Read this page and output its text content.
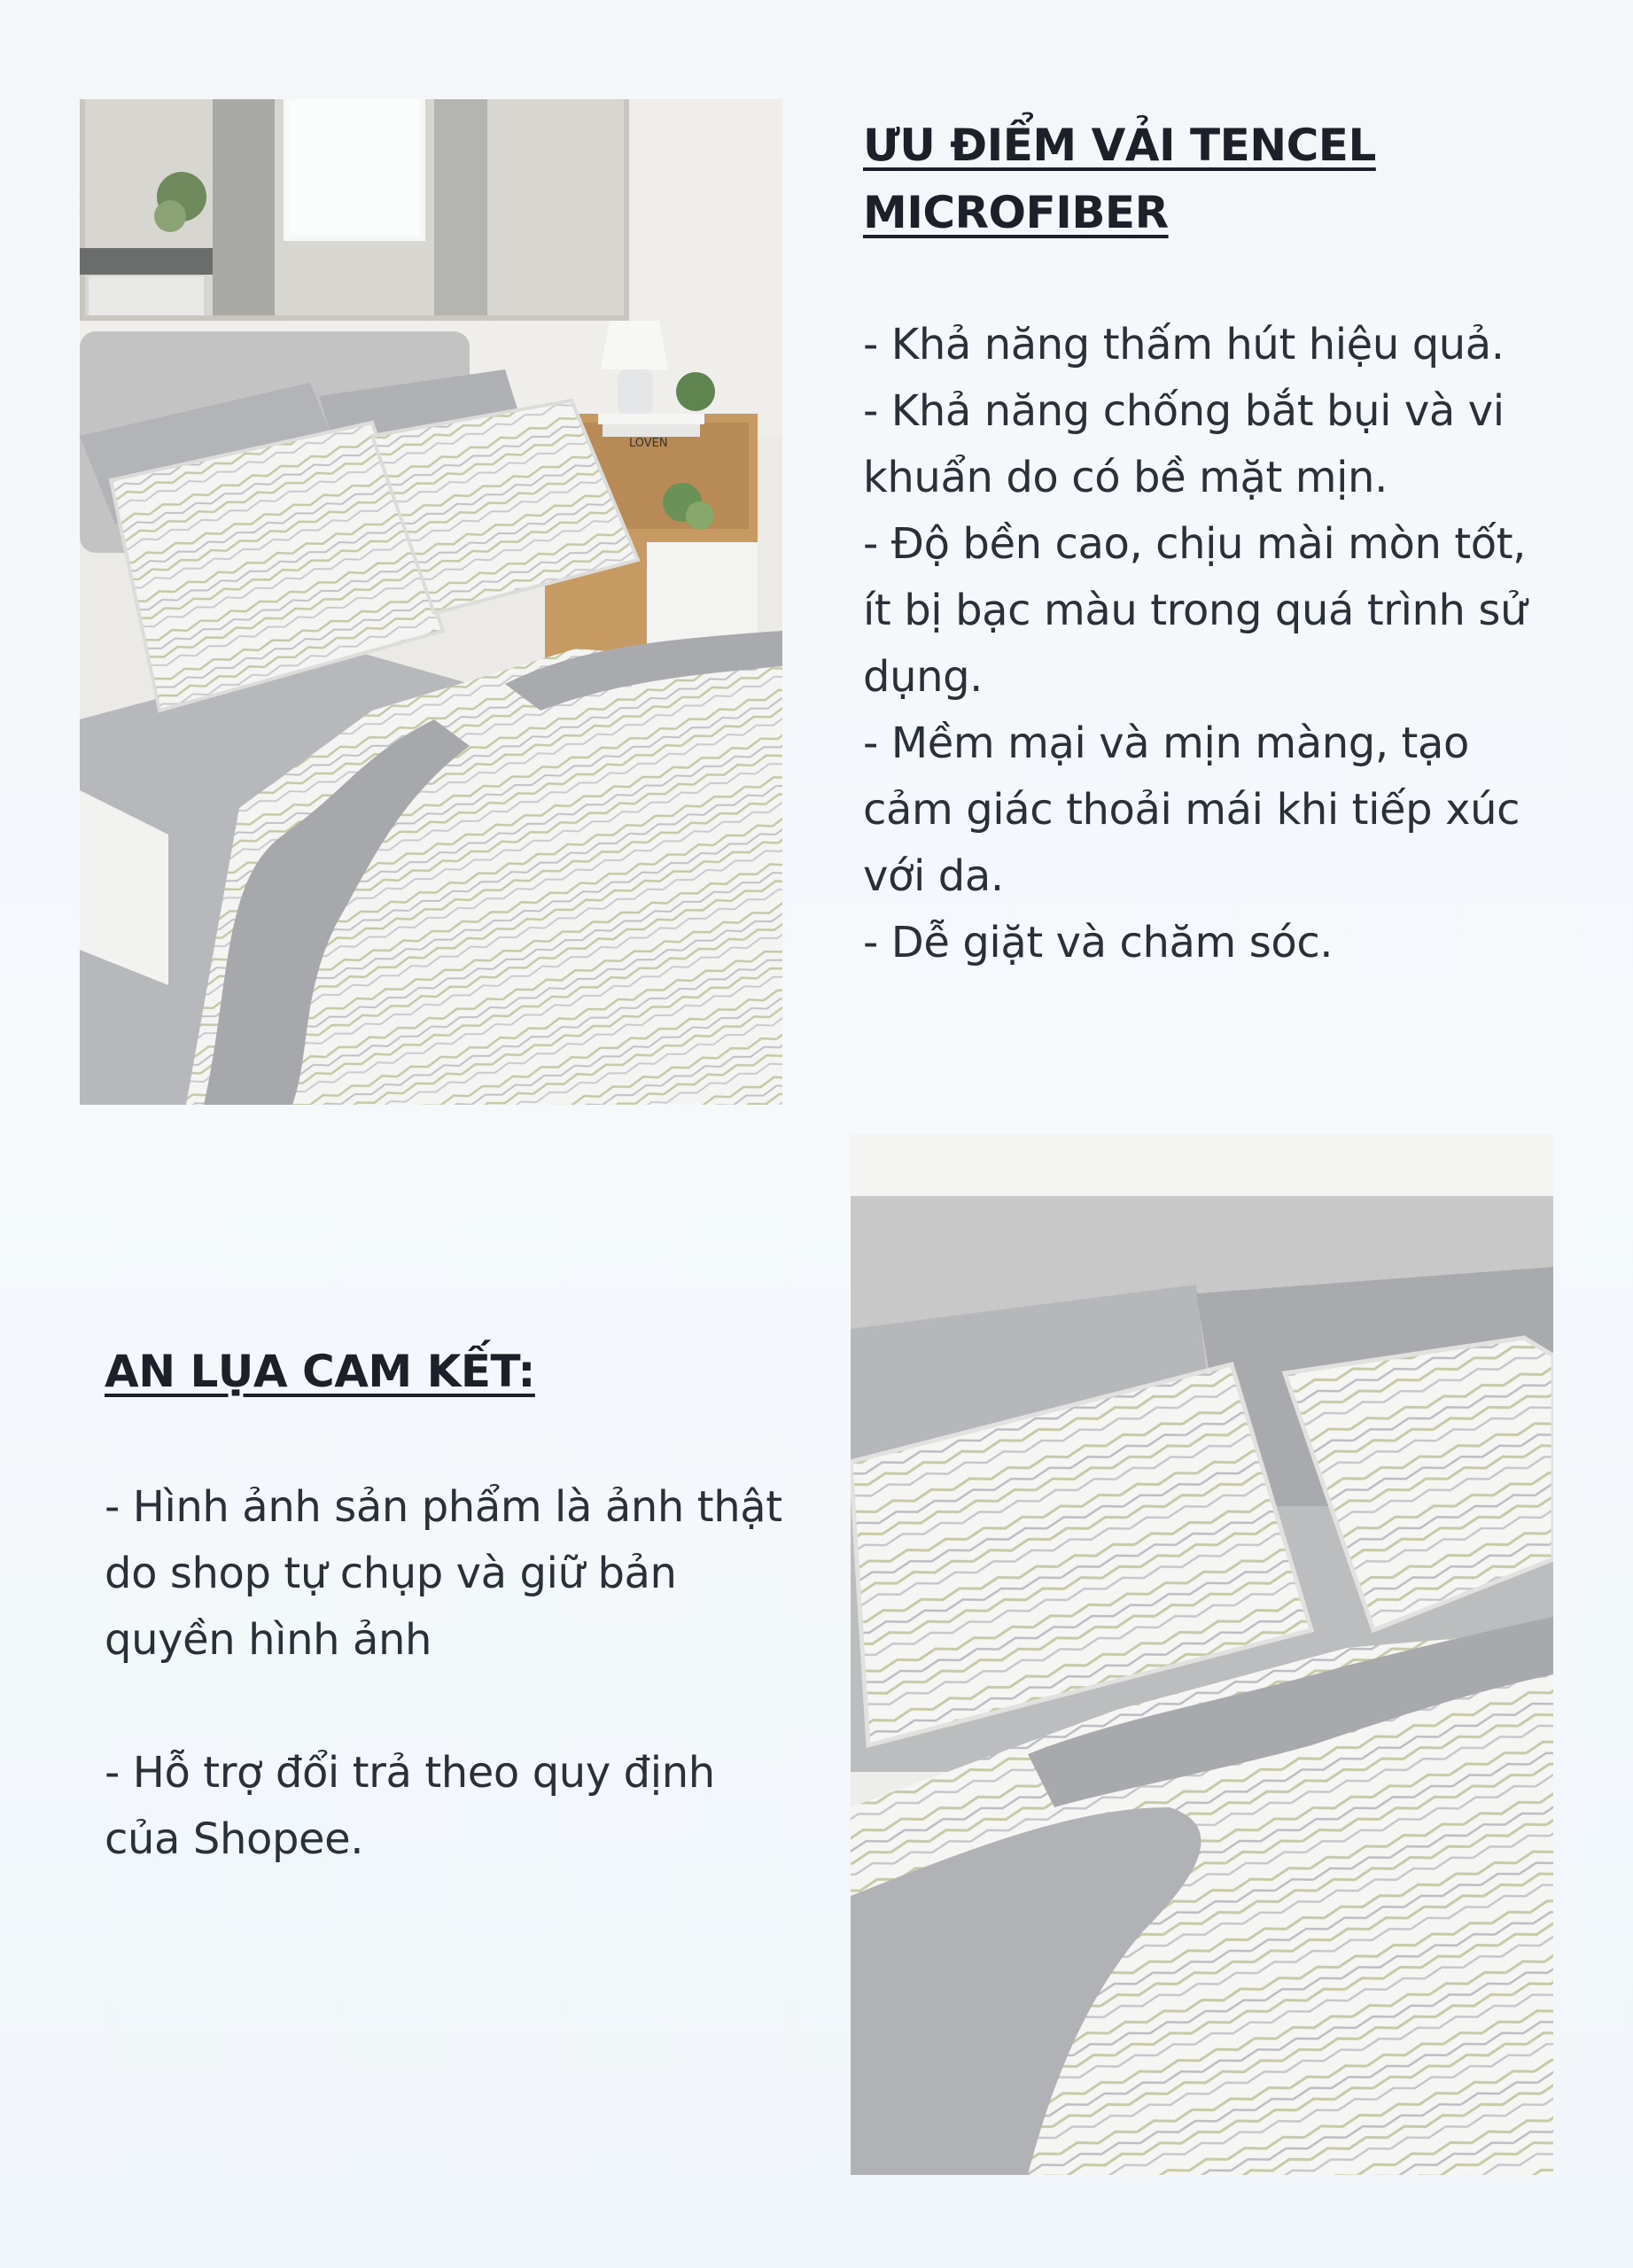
LOVEN
ƯU ĐIỂM VẢI TENCEL MICROFIBER
- Khả năng thấm hút hiệu quả.
- Khả năng chống bắt bụi và vi khuẩn do có bề mặt mịn.
- Độ bền cao, chịu mài mòn tốt, ít bị bạc màu trong quá trình sử dụng.
- Mềm mại và mịn màng, tạo cảm giác thoải mái khi tiếp xúc với da.
- Dễ giặt và chăm sóc.
AN LỤA CAM KẾT:
- Hình ảnh sản phẩm là ảnh thật do shop tự chụp và giữ bản quyền hình ảnh
- Hỗ trợ đổi trả theo quy định của Shopee.
